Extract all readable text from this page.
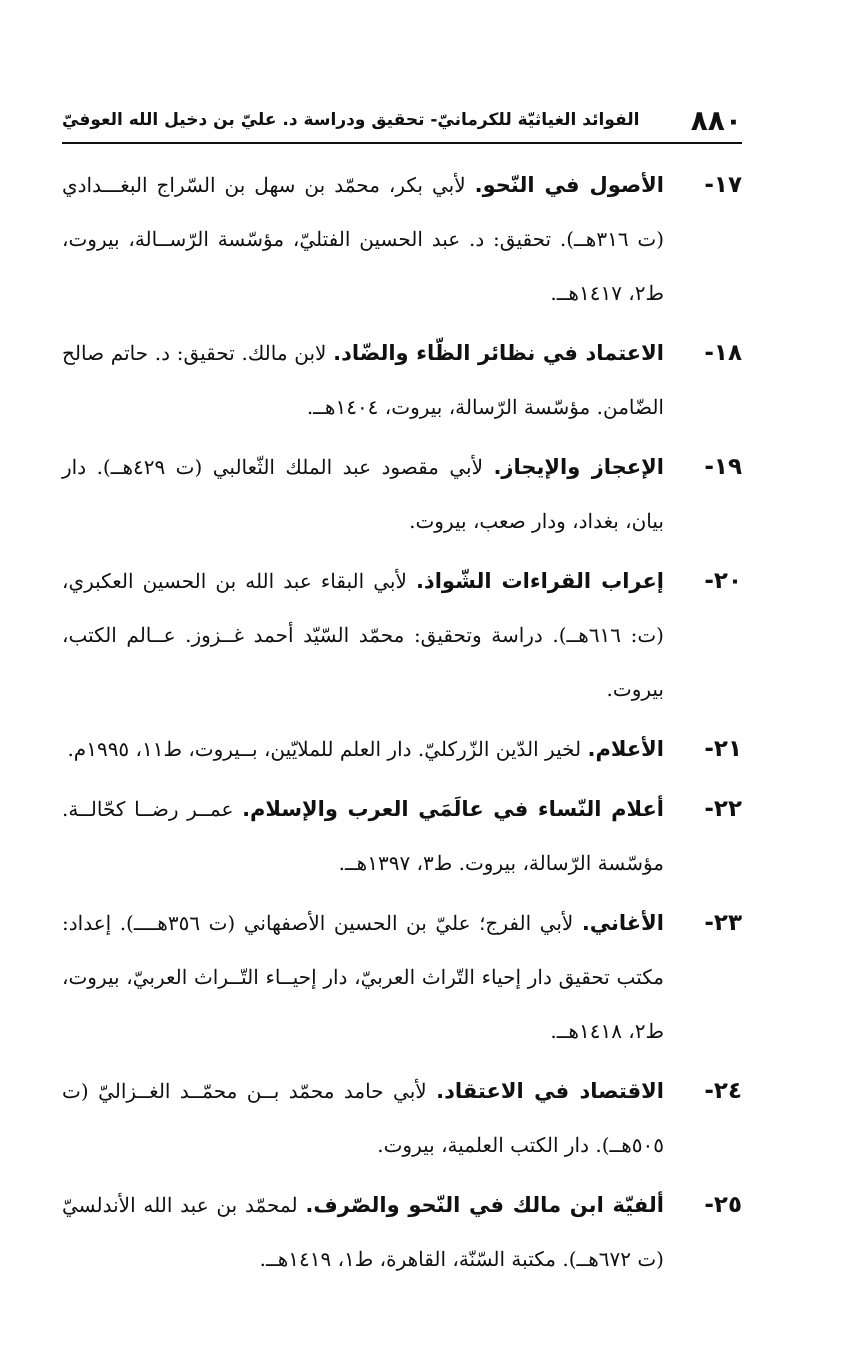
٨٨٠
الفوائد الغياثيّة للكرمانيّ- تحقيق ودراسة د. عليّ بن دخيل الله العوفيّ
١٧-
الأصول في النّحو. لأبي بكر، محمّد بن سهل بن السّراج البغـــدادي (ت ٣١٦هــ). تحقيق: د. عبد الحسين الفتليّ، مؤسّسة الرّســالة، بيروت، ط٢، ١٤١٧هــ.
١٨-
الاعتماد في نظائر الظّاء والضّاد. لابن مالك. تحقيق: د. حاتم صالح الضّامن. مؤسّسة الرّسالة، بيروت، ١٤٠٤هــ.
١٩-
الإعجاز والإيجاز. لأبي مقصود عبد الملك الثّعالبي (ت ٤٢٩هــ). دار بيان، بغداد، ودار صعب، بيروت.
٢٠-
إعراب القراءات الشّواذ. لأبي البقاء عبد الله بن الحسين العكبري، (ت: ٦١٦هــ). دراسة وتحقيق: محمّد السّيّد أحمد غــزوز. عــالم الكتب، بيروت.
٢١-
الأعلام. لخير الدّين الزّركليّ. دار العلم للملايّين، بــيروت، ط١١، ١٩٩٥م.
٢٢-
أعلام النّساء في عالَمَي العرب والإسلام. عمــر رضــا كحّالــة. مؤسّسة الرّسالة، بيروت. ط٣، ١٣٩٧هــ.
٢٣-
الأغاني. لأبي الفرج؛ عليّ بن الحسين الأصفهاني (ت ٣٥٦هــــ). إعداد: مكتب تحقيق دار إحياء التّراث العربيّ، دار إحيــاء التّــراث العربيّ، بيروت، ط٢، ١٤١٨هــ.
٢٤-
الاقتصاد في الاعتقاد. لأبي حامد محمّد بــن محمّــد الغــزاليّ (ت ٥٠٥هــ). دار الكتب العلمية، بيروت.
٢٥-
ألفيّة ابن مالك في النّحو والصّرف. لمحمّد بن عبد الله الأندلسيّ (ت ٦٧٢هــ). مكتبة السّنّة، القاهرة، ط١، ١٤١٩هــ.
